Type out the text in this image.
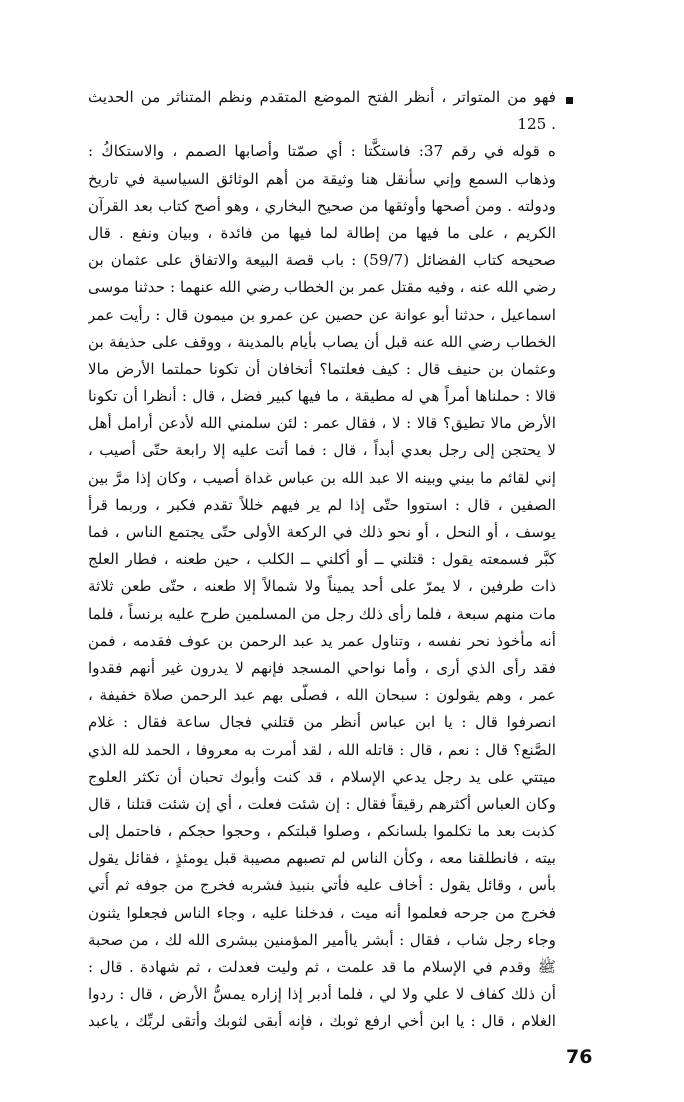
فهو من المتواتر ، أنظر الفتح الموضع المتقدم ونظم المتناثر من الحديث
. 125
ه قوله في رقم 37: فاستكَّتا : أي صمّتا وأصابها الصمم ، والاستكاكُ :
وذهاب السمع وإني سأنقل هنا وثيقة من أهم الوثائق السياسية في تاريخ
ودولته . ومن أصحها وأوثقها من صحيح البخاري ، وهو أصح كتاب بعد القرآن
الكريم ، على ما فيها من إطالة لما فيها من فائدة ، وبيان ونفع . قال
صحيحه كتاب الفضائل (59/7) : باب قصة البيعة والاتفاق على عثمان بن
رضي الله عنه ، وفيه مقتل عمر بن الخطاب رضي الله عنهما : حدثنا موسى
اسماعيل ، حدثنا أبو عوانة عن حصين عن عمرو بن ميمون قال : رأيت عمر
الخطاب رضي الله عنه قبل أن يصاب بأيام بالمدينة ، ووقف على حذيفة بن
وعثمان بن حنيف قال : كيف فعلتما؟ أتخافان أن تكونا حملتما الأرض مالا
قالا : حملناها أمراً هي له مطيقة ، ما فيها كبير فضل ، قال : أنظرا أن تكونا
الأرض مالا تطيق؟ قالا : لا ، فقال عمر : لئن سلمني الله لأدعن أرامل أهل
لا يحتجن إلى رجل بعدي أبداً ، قال : فما أتت عليه إلا رابعة حتّى أصيب ،
إني لقائم ما بيني وبينه الا عبد الله بن عباس غداة أصيب ، وكان إذا مرَّ بين
الصفين ، قال : استووا حتّى إذا لم ير فيهم خللاً تقدم فكبر ، وربما قرأ
يوسف ، أو النحل ، أو نحو ذلك في الركعة الأولى حتّى يجتمع الناس ، فما
كبَّر فسمعته يقول : قتلني ــ أو أكلني ــ الكلب ، حين طعنه ، فطار العلج
ذات طرفين ، لا يمرّ على أحد يميناً ولا شمالاً إلا طعنه ، حتّى طعن ثلاثة
مات منهم سبعة ، فلما رأى ذلك رجل من المسلمين طرح عليه برنساً ، فلما
أنه مأخوذ نحر نفسه ، وتناول عمر يد عبد الرحمن بن عوف فقدمه ، فمن
فقد رأى الذي أرى ، وأما نواحي المسجد فإنهم لا يدرون غير أنهم فقدوا
عمر ، وهم يقولون : سبحان الله ، فصلّى بهم عبد الرحمن صلاة خفيفة ،
انصرفوا قال : يا ابن عباس أنظر من قتلني فجال ساعة فقال : غلام
الصَّنع؟ قال : نعم ، قال : قاتله الله ، لقد أمرت به معروفا ، الحمد لله الذي
ميتتي على يد رجل يدعي الإسلام ، قد كنت وأبوك تحبان أن تكثر العلوج
وكان العباس أكثرهم رقيقاً فقال : إن شئت فعلت ، أي إن شئت قتلنا ، قال
كذبت بعد ما تكلموا بلسانكم ، وصلوا قبلتكم ، وحجوا حجكم ، فاحتمل إلى
بيته ، فانطلقنا معه ، وكأن الناس لم تصبهم مصيبة قبل يومئذٍ ، فقائل يقول
بأس ، وقائل يقول : أخاف عليه فأتي بنبيذ فشربه فخرج من جوفه ثم أُتي
فخرج من جرحه فعلموا أنه ميت ، فدخلنا عليه ، وجاء الناس فجعلوا يثنون
وجاء رجل شاب ، فقال : أبشر ياأمير المؤمنين ببشرى الله لك ، من صحبة
ﷺ وقدم في الإسلام ما قد علمت ، ثم وليت فعدلت ، ثم شهادة . قال :
أن ذلك كفاف لا علي ولا لي ، فلما أدبر إذا إزاره يمسُّ الأرض ، قال : ردوا
الغلام ، قال : يا ابن أخي ارفع ثوبك ، فإنه أبقى لثوبك وأتقى لربِّك ، ياعبد
76
